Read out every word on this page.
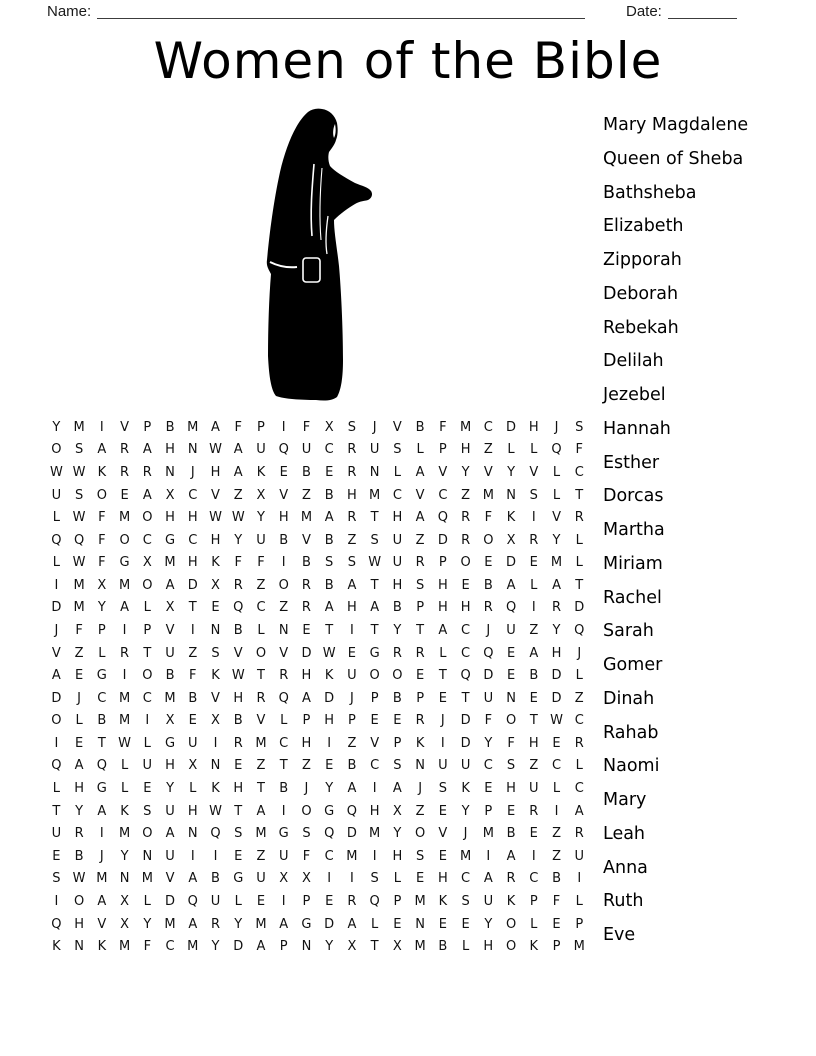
Name:	Date:
Women of the Bible
Mary Magdalene
Queen of Sheba
Bathsheba
Elizabeth
Zipporah
Deborah
Rebekah
Delilah
Jezebel
Hannah
Esther
Dorcas
Martha
Miriam
Rachel
Sarah
Gomer
Dinah
Rahab
Naomi
Mary
Leah
Anna
Ruth
Eve
Y	M	I	V	P	B M A	F	P	I	F	X	S	J	V	B	F	M C	D H	J	S
O	S	A	R	A	H N W A	U Q U	C	R	U	S	L	P	H	Z	L	L	Q	F
W W K	R	R	N	J	H	A	K	E	B	E	R	N	L	A	V	Y	V	Y	V	L	C
U	S	O	E	A	X	C	V	Z	X	V	Z	B	H M C	V	C	Z M N	S	L	T
L W F	M O H H W W Y	H M A	R	T	H	A	Q	R	F	K	I	V	R
Q Q	F	O	C	G	C	H	Y	U	B	V	B	Z	S	U	Z	D	R	O	X	R	Y	L
L W F	G	X M H	K	F	F	I	B	S	S W U	R	P	O	E	D	E	M	L
I	M X M O	A	D	X	R	Z	O	R	B	A	T	H	S	H	E	B	A	L	A	T
D M	Y	A	L	X	T	E	Q	C	Z	R	A	H	A	B	P	H H	R	Q	I	R	D
J	F	P	I	P	V	I	N	B	L	N	E	T	I	T	Y	T	A	C	J	U	Z	Y	Q
V	Z	L	R	T	U	Z	S	V	O	V	D W E	G	R	R	L	C	Q	E	A	H	J
A	E	G	I	O	B	F	K W T	R	H	K	U O O	E	T	Q D	E	B	D	L
D	J	C M C M B	V	H	R	Q	A	D	J	P	B	P	E	T	U	N	E	D	Z
O	L	B M	I	X	E	X	B	V	L	P	H	P	E	E	R	J	D	F	O	T W C
I	E	T W L	G U	I	R M C	H	I	Z	V	P	K	I	D	Y	F	H	E	R
Q	A	Q	L	U	H	X	N	E	Z	T	Z	E	B	C	S	N	U	U	C	S	Z	C	L
L	H G	L	E	Y	L	K	H	T	B	J	Y	A	I	A	J	S	K	E	H	U	L	C
T	Y	A	K	S	U	H W T	A	I	O G Q H	X	Z	E	Y	P	E	R	I	A
U	R	I	M O	A	N Q	S M G	S	Q D M	Y	O	V	J	M B	E	Z	R
E	B	J	Y	N	U	I	I	E	Z	U	F	C M	I	H	S	E	M	I	A	I	Z	U
S W M N M V	A	B	G U	X	X	I	I	S	L	E	H	C	A	R	C	B	I
I	O	A	X	L	D Q U	L	E	I	P	E	R	Q	P	M K	S	U	K	P	F	L
Q H	V	X	Y	M A	R	Y	M A	G D	A	L	E	N	E	E	Y	O	L	E	P
K	N	K M	F	C M	Y	D	A	P	N	Y	X	T	X M B	L	H O	K	P	M
